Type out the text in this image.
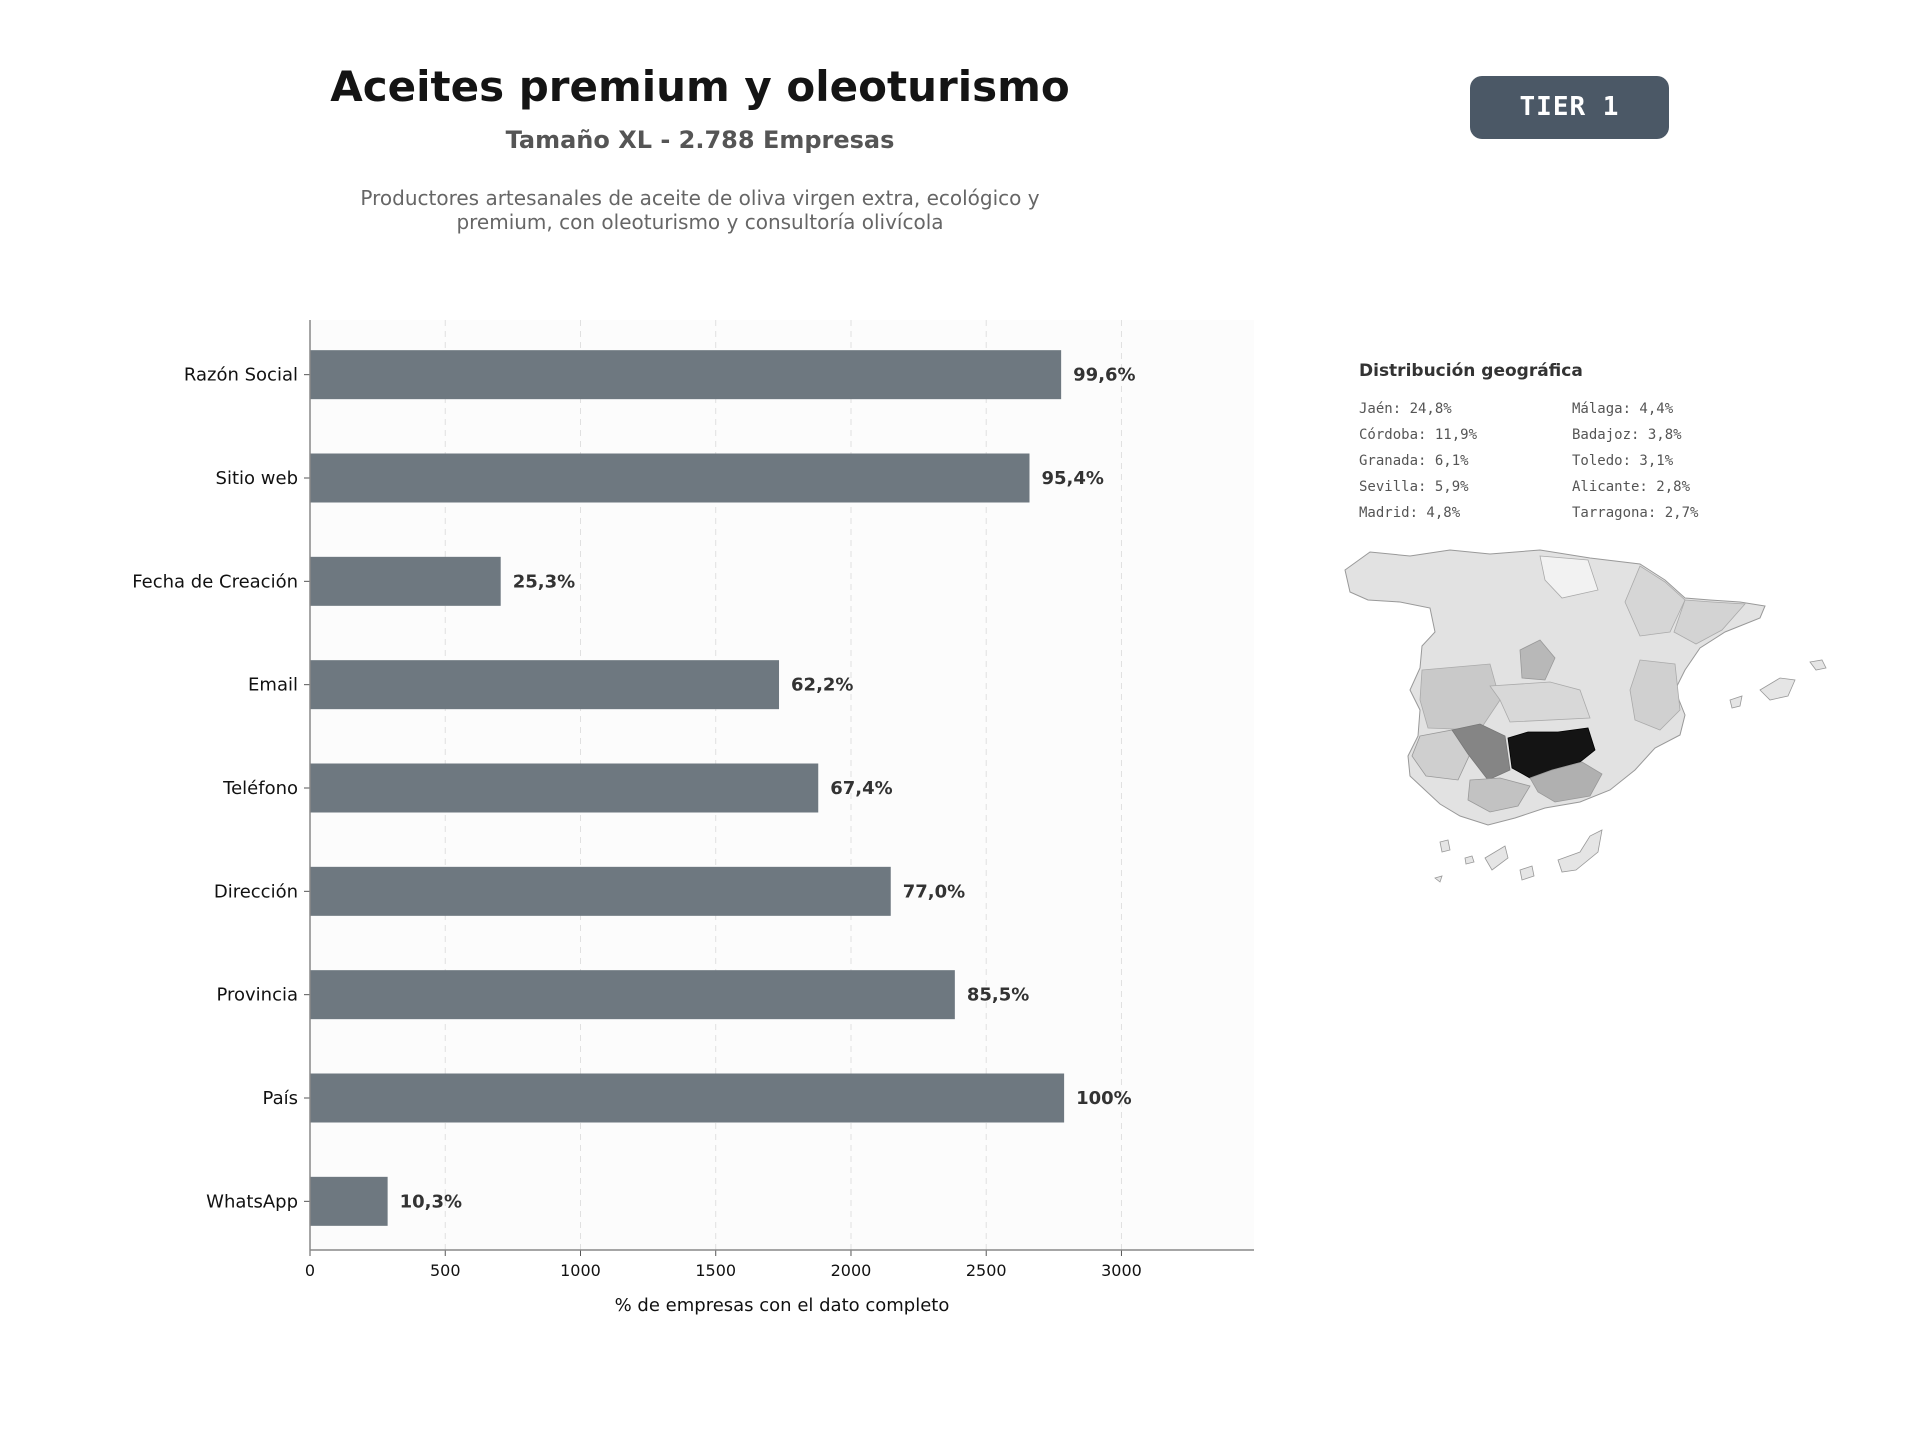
Aceites premium y oleoturismo
Tamaño XL - 2.788 Empresas
Productores artesanales de aceite de oliva virgen extra, ecológico y
premium, con oleoturismo y consultoría olivícola
TIER 1
99,6%
95,4%
25,3%
62,2%
67,4%
77,0%
85,5%
100%
10,3%
Razón Social
Sitio web
Fecha de Creación
Email
Teléfono
Dirección
Provincia
País
WhatsApp
0	500	1000	1500	2000	2500	3000
% de empresas con el dato completo
Distribución geográfica
Jaén: 24,8%
Córdoba: 11,9%
Granada: 6,1%
Sevilla: 5,9%
Madrid: 4,8%
Málaga: 4,4%
Badajoz: 3,8%
Toledo: 3,1%
Alicante: 2,8%
Tarragona: 2,7%
